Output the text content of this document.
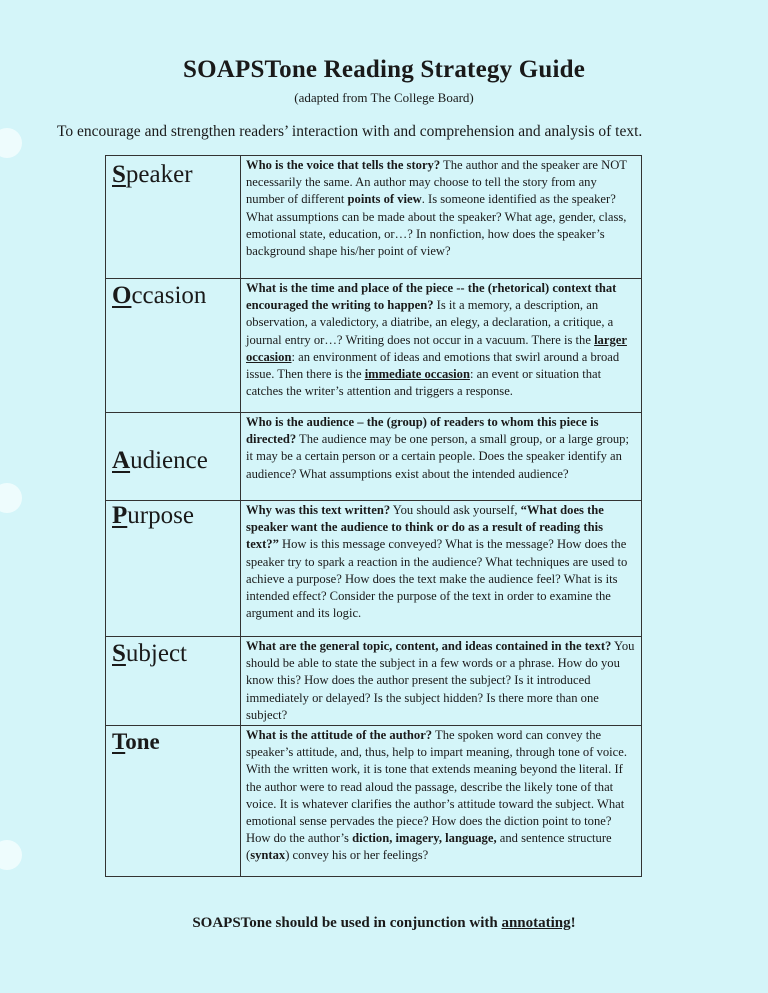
SOAPSTone Reading Strategy Guide
(adapted from The College Board)
To encourage and strengthen readers’ interaction with and comprehension and analysis of text.
Speaker	Who is the voice that tells the story? The author and the speaker are NOT necessarily the same. An author may choose to tell the story from any number of different points of view. Is someone identified as the speaker? What assumptions can be made about the speaker? What age, gender, class, emotional state, education, or…? In nonfiction, how does the speaker’s background shape his/her point of view?
Occasion	What is the time and place of the piece -- the (rhetorical) context that encouraged the writing to happen? Is it a memory, a description, an observation, a valedictory, a diatribe, an elegy, a declaration, a critique, a journal entry or…? Writing does not occur in a vacuum. There is the larger occasion: an environment of ideas and emotions that swirl around a broad issue. Then there is the immediate occasion: an event or situation that catches the writer’s attention and triggers a response.
Audience	Who is the audience – the (group) of readers to whom this piece is directed? The audience may be one person, a small group, or a large group; it may be a certain person or a certain people. Does the speaker identify an audience? What assumptions exist about the intended audience?
Purpose	Why was this text written? You should ask yourself, “What does the speaker want the audience to think or do as a result of reading this text?” How is this message conveyed? What is the message? How does the speaker try to spark a reaction in the audience? What techniques are used to achieve a purpose? How does the text make the audience feel? What is its intended effect? Consider the purpose of the text in order to examine the argument and its logic.
Subject	What are the general topic, content, and ideas contained in the text? You should be able to state the subject in a few words or a phrase. How do you know this? How does the author present the subject? Is it introduced immediately or delayed? Is the subject hidden? Is there more than one subject?
Tone	What is the attitude of the author? The spoken word can convey the speaker’s attitude, and, thus, help to impart meaning, through tone of voice. With the written work, it is tone that extends meaning beyond the literal. If the author were to read aloud the passage, describe the likely tone of that voice. It is whatever clarifies the author’s attitude toward the subject. What emotional sense pervades the piece? How does the diction point to tone? How do the author’s diction, imagery, language, and sentence structure (syntax) convey his or her feelings?
SOAPSTone should be used in conjunction with annotating!
